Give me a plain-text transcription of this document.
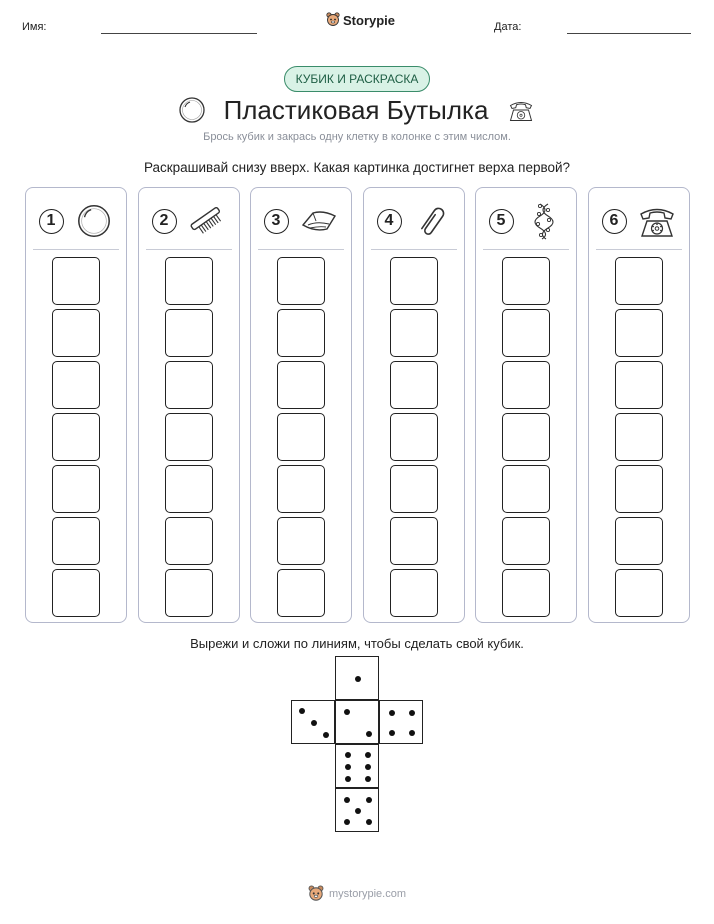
Имя:	Storypie	Дата:
КУБИК И РАСКРАСКА
Пластиковая Бутылка
Брось кубик и закрась одну клетку в колонке с этим числом.
Раскрашивай снизу вверх. Какая картинка достигнет верха первой?
1	2	3	4	5	6
Вырежи и сложи по линиям, чтобы сделать свой кубик.
mystorypie.com
